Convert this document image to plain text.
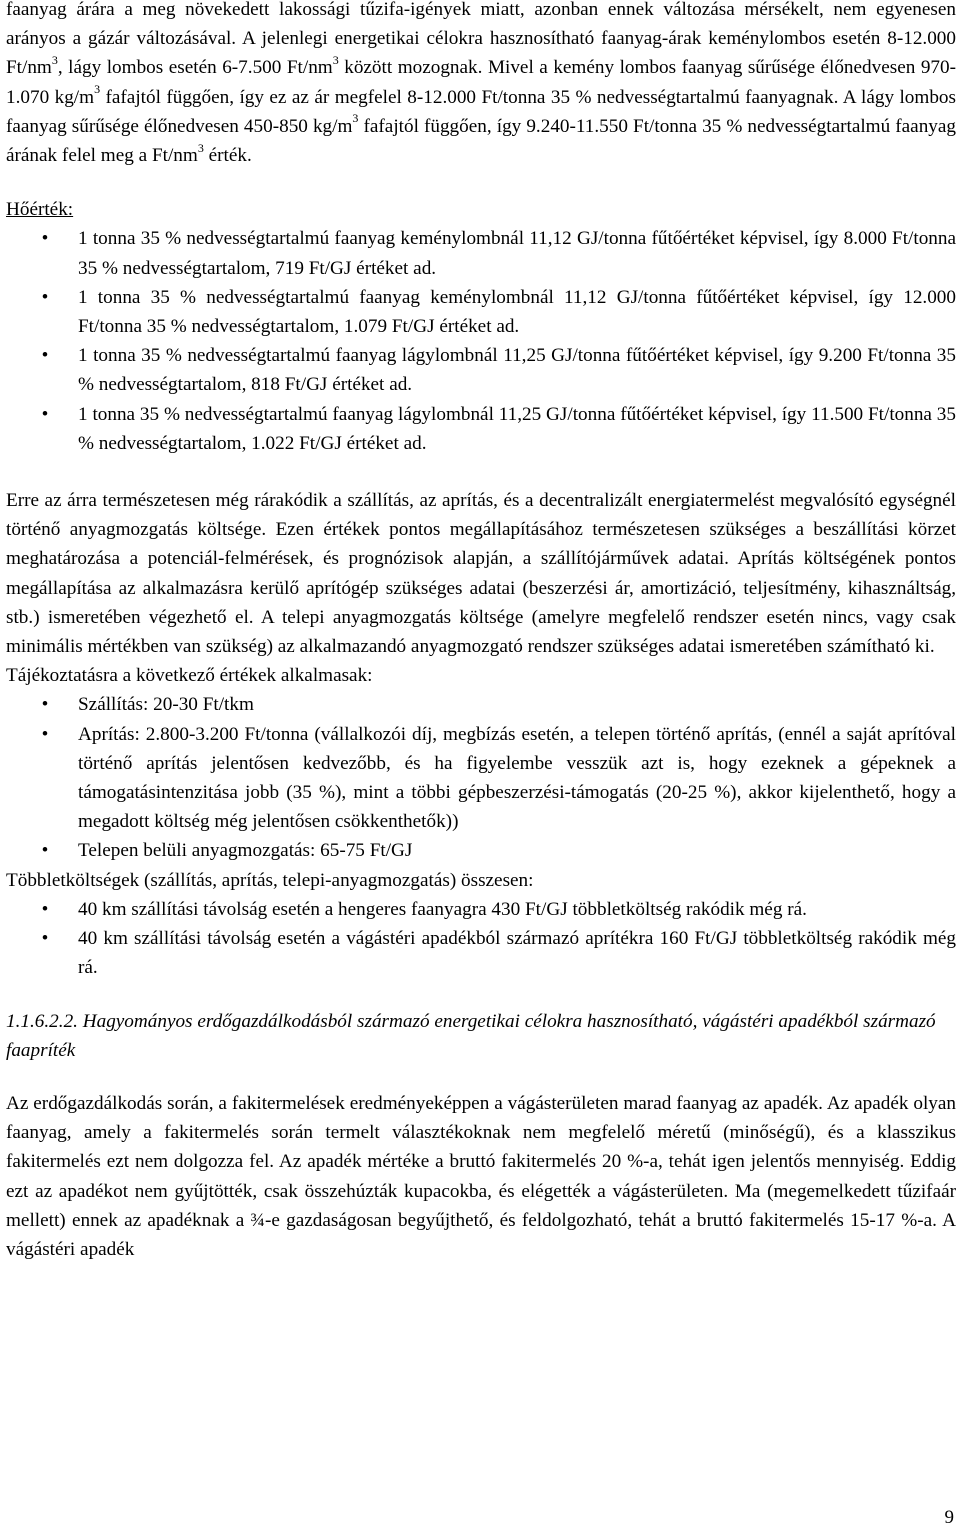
faanyag árára a meg növekedett lakossági tűzifa-igények miatt, azonban ennek változása mérsékelt, nem egyenesen arányos a gázár változásával. A jelenlegi energetikai célokra hasznosítható faanyag-árak keménylombos esetén 8-12.000 $Ft/nm^3$, lágy lombos esetén 6-7.500 $Ft/nm^3$ között mozognak. Mivel a kemény lombos faanyag sűrűsége élőnedvesen 970-1.070 $kg/m^3$ fafajtól függően, így ez az ár megfelel 8-12.000 Ft/tonna 35 % nedvességtartalmú faanyagnak. A lágy lombos faanyag sűrűsége élőnedvesen 450-850 $kg/m^3$ fafajtól függően, így 9.240-11.550 Ft/tonna 35 % nedvességtartalmú faanyag árának felel meg a $Ft/nm^3$ érték.

Hőérték:

• 1 tonna 35 % nedvességtartalmú faanyag keménylombnál 11,12 GJ/tonna fűtőértéket képvisel, így 8.000 Ft/tonna 35 % nedvességtartalom, 719 Ft/GJ értéket ad.
• 1 tonna 35 % nedvességtartalmú faanyag keménylombnál 11,12 GJ/tonna fűtőértéket képvisel, így 12.000 Ft/tonna 35 % nedvességtartalom, 1.079 Ft/GJ értéket ad.
• 1 tonna 35 % nedvességtartalmú faanyag lágylombnál 11,25 GJ/tonna fűtőértéket képvisel, így 9.200 Ft/tonna 35 % nedvességtartalom, 818 Ft/GJ értéket ad.
• 1 tonna 35 % nedvességtartalmú faanyag lágylombnál 11,25 GJ/tonna fűtőértéket képvisel, így 11.500 Ft/tonna 35 % nedvességtartalom, 1.022 Ft/GJ értéket ad.

Erre az árra természetesen még rárakódik a szállítás, az aprítás, és a decentralizált energiatermelést megvalósító egységnél történő anyagmozgatás költsége. Ezen értékek pontos megállapításához természetesen szükséges a beszállítási körzet meghatározása a potenciál-felmérések, és prognózisok alapján, a szállítójárművek adatai. Aprítás költségének pontos megállapítása az alkalmazásra kerülő aprítógép szükséges adatai (beszerzési ár, amortizáció, teljesítmény, kihasználtság, stb.) ismeretében végezhető el. A telepi anyagmozgatás költsége (amelyre megfelelő rendszer esetén nincs, vagy csak minimális mértékben van szükség) az alkalmazandó anyagmozgató rendszer szükséges adatai ismeretében számítható ki.

Tájékoztatásra a következő értékek alkalmasak:

• Szállítás: 20-30 Ft/tkm
• Aprítás: 2.800-3.200 Ft/tonna (vállalkozói díj, megbízás esetén, a telepen történő aprítás, (ennél a saját aprítóval történő aprítás jelentősen kedvezőbb, és ha figyelembe vesszük azt is, hogy ezeknek a gépeknek a támogatásintenzitása jobb (35 %), mint a többi gépbeszerzési-támogatás (20-25 %), akkor kijelenthető, hogy a megadott költség még jelentősen csökkenthetők))
• Telepen belüli anyagmozgatás: 65-75 Ft/GJ

Többletköltségek (szállítás, aprítás, telepi-anyagmozgatás) összesen:

• 40 km szállítási távolság esetén a hengeres faanyagra 430 Ft/GJ többletköltség rakódik még rá.
• 40 km szállítási távolság esetén a vágástéri apadékból származó aprítékra 160 Ft/GJ többletköltség rakódik még rá.

1.1.6.2.2. Hagyományos erdőgazdálkodásból származó energetikai célokra hasznosítható, vágástéri apadékból származó faapríték

Az erdőgazdálkodás során, a fakitermelések eredményeképpen a vágásterületen marad faanyag az apadék. Az apadék olyan faanyag, amely a fakitermelés során termelt választékoknak nem megfelelő méretű (minőségű), és a klasszikus fakitermelés ezt nem dolgozza fel. Az apadék mértéke a bruttó fakitermelés 20 %-a, tehát igen jelentős mennyiség. Eddig ezt az apadékot nem gyűjtötték, csak összehúzták kupacokba, és elégették a vágásterületen. Ma (megemelkedett tűzifaár mellett) ennek az apadéknak a ¾-e gazdaságosan begyűjthető, és feldolgozható, tehát a bruttó fakitermelés 15-17 %-a. A vágástéri apadék

9
